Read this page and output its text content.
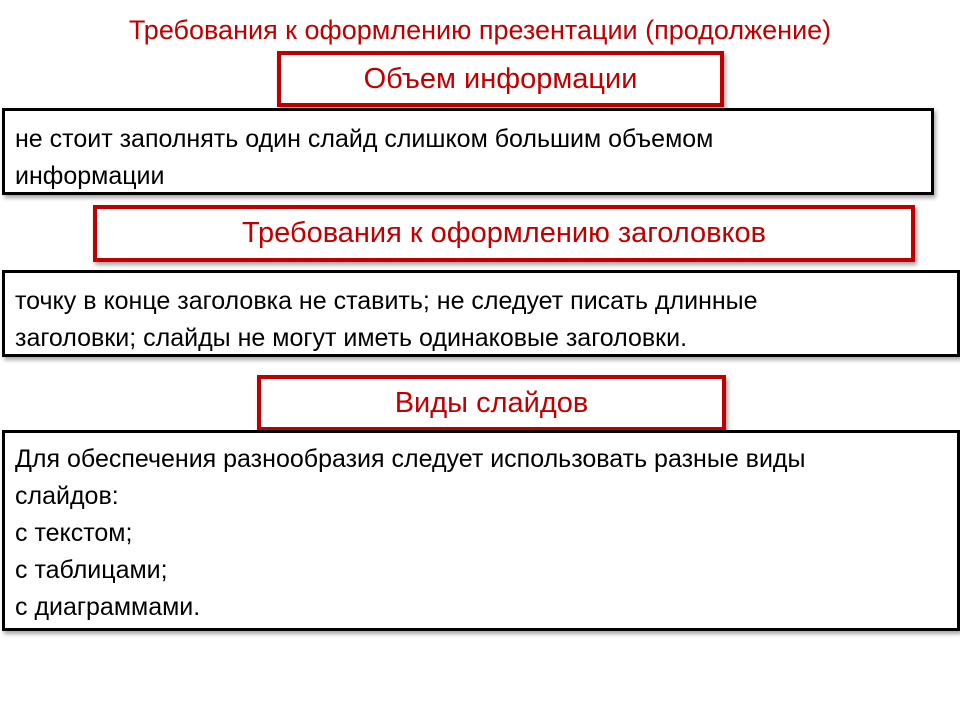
Требования к оформлению презентации (продолжение)
Объем информации
не стоит заполнять один слайд слишком большим объемом
информации
Требования к оформлению заголовков
точку в конце заголовка не ставить; не следует писать длинные
заголовки; слайды не могут иметь одинаковые заголовки.
Виды слайдов
Для обеспечения разнообразия следует использовать разные виды
слайдов:
с текстом;
с таблицами;
с диаграммами.
